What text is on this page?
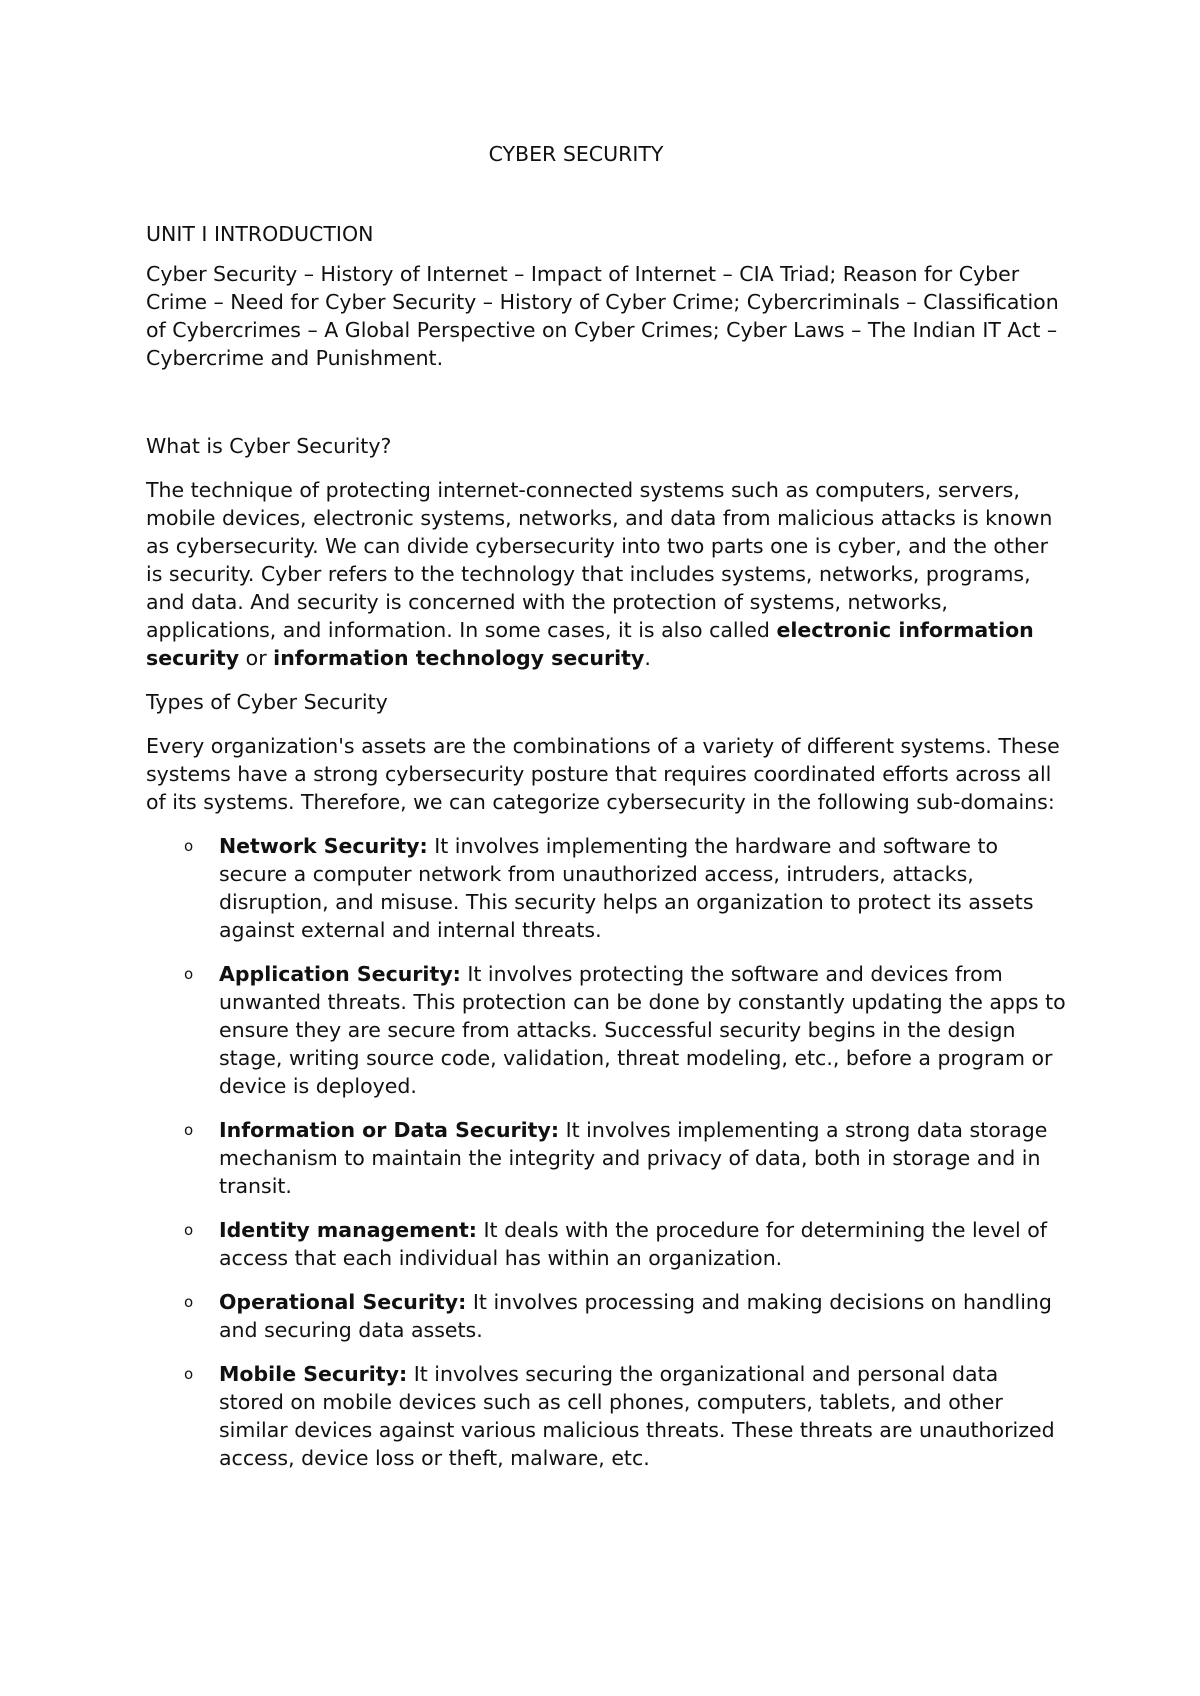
CYBER SECURITY
UNIT I INTRODUCTION

Cyber Security – History of Internet – Impact of Internet – CIA Triad; Reason for Cyber Crime – Need for Cyber Security – History of Cyber Crime; Cybercriminals – Classification of Cybercrimes – A Global Perspective on Cyber Crimes; Cyber Laws – The Indian IT Act – Cybercrime and Punishment.

What is Cyber Security?

The technique of protecting internet-connected systems such as computers, servers, mobile devices, electronic systems, networks, and data from malicious attacks is known as cybersecurity. We can divide cybersecurity into two parts one is cyber, and the other is security. Cyber refers to the technology that includes systems, networks, programs, and data. And security is concerned with the protection of systems, networks, applications, and information. In some cases, it is also called electronic information security or information technology security.

Types of Cyber Security

Every organization's assets are the combinations of a variety of different systems. These systems have a strong cybersecurity posture that requires coordinated efforts across all of its systems. Therefore, we can categorize cybersecurity in the following sub-domains:

o Network Security: It involves implementing the hardware and software to secure a computer network from unauthorized access, intruders, attacks, disruption, and misuse. This security helps an organization to protect its assets against external and internal threats.
o Application Security: It involves protecting the software and devices from unwanted threats. This protection can be done by constantly updating the apps to ensure they are secure from attacks. Successful security begins in the design stage, writing source code, validation, threat modeling, etc., before a program or device is deployed.
o Information or Data Security: It involves implementing a strong data storage mechanism to maintain the integrity and privacy of data, both in storage and in transit.
o Identity management: It deals with the procedure for determining the level of access that each individual has within an organization.
o Operational Security: It involves processing and making decisions on handling and securing data assets.
o Mobile Security: It involves securing the organizational and personal data stored on mobile devices such as cell phones, computers, tablets, and other similar devices against various malicious threats. These threats are unauthorized access, device loss or theft, malware, etc.
